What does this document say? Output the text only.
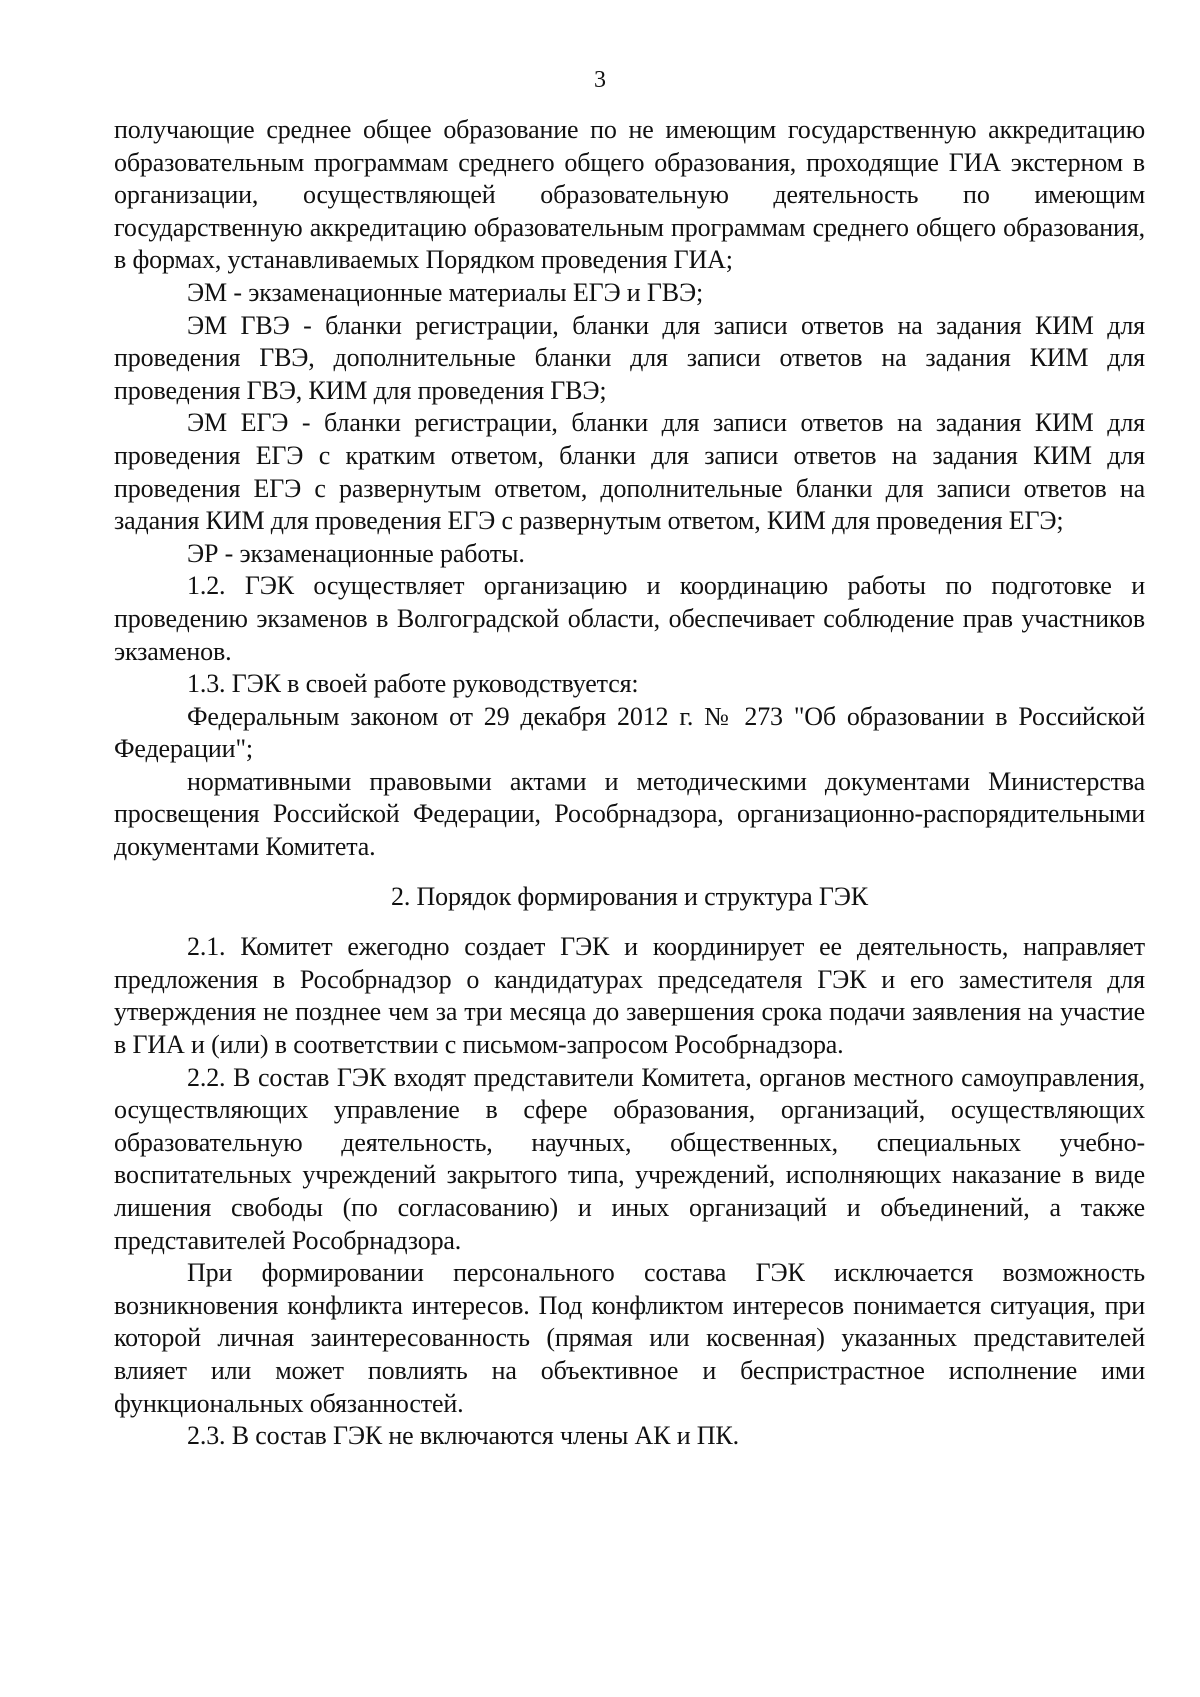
3

получающие среднее общее образование по не имеющим государственную аккредитацию образовательным программам среднего общего образования, проходящие ГИА экстерном в организации, осуществляющей образовательную деятельность по имеющим государственную аккредитацию образовательным программам среднего общего образования, в формах, устанавливаемых Порядком проведения ГИА;

ЭМ - экзаменационные материалы ЕГЭ и ГВЭ;

ЭМ ГВЭ - бланки регистрации, бланки для записи ответов на задания КИМ для проведения ГВЭ, дополнительные бланки для записи ответов на задания КИМ для проведения ГВЭ, КИМ для проведения ГВЭ;

ЭМ ЕГЭ - бланки регистрации, бланки для записи ответов на задания КИМ для проведения ЕГЭ с кратким ответом, бланки для записи ответов на задания КИМ для проведения ЕГЭ с развернутым ответом, дополнительные бланки для записи ответов на задания КИМ для проведения ЕГЭ с развернутым ответом, КИМ для проведения ЕГЭ;

ЭР - экзаменационные работы.

1.2. ГЭК осуществляет организацию и координацию работы по подготовке и проведению экзаменов в Волгоградской области, обеспечивает соблюдение прав участников экзаменов.

1.3. ГЭК в своей работе руководствуется:

Федеральным законом от 29 декабря 2012 г. № 273 "Об образовании в Российской Федерации";

нормативными правовыми актами и методическими документами Министерства просвещения Российской Федерации, Рособрнадзора, организационно-распорядительными документами Комитета.

2. Порядок формирования и структура ГЭК

2.1. Комитет ежегодно создает ГЭК и координирует ее деятельность, направляет предложения в Рособрнадзор о кандидатурах председателя ГЭК и его заместителя для утверждения не позднее чем за три месяца до завершения срока подачи заявления на участие в ГИА и (или) в соответствии с письмом-запросом Рособрнадзора.

2.2. В состав ГЭК входят представители Комитета, органов местного самоуправления, осуществляющих управление в сфере образования, организаций, осуществляющих образовательную деятельность, научных, общественных, специальных учебно-воспитательных учреждений закрытого типа, учреждений, исполняющих наказание в виде лишения свободы (по согласованию) и иных организаций и объединений, а также представителей Рособрнадзора.

При формировании персонального состава ГЭК исключается возможность возникновения конфликта интересов. Под конфликтом интересов понимается ситуация, при которой личная заинтересованность (прямая или косвенная) указанных представителей влияет или может повлиять на объективное и беспристрастное исполнение ими функциональных обязанностей.

2.3. В состав ГЭК не включаются члены АК и ПК.
